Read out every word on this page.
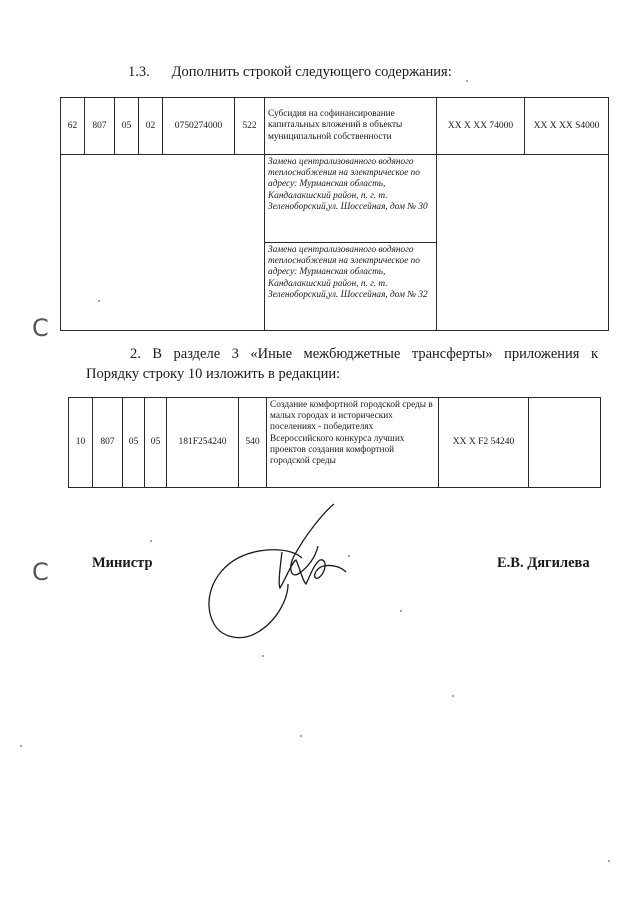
1.3. Дополнить строкой следующего содержания:
62	807	05	02	0750274000	522	Субсидия на софинансирование капитальных вложений в объекты муниципальной собственности	XX X XX 74000	XX X XX S4000
						Замена централизованного водяного теплоснабжения на электрическое по адресу: Мурманская область, Кандалакшский район, п. г. т. Зеленоборский,ул. Шоссейная, дом № 30		
						Замена централизованного водяного теплоснабжения на электрическое по адресу: Мурманская область, Кандалакшский район, п. г. т. Зеленоборский,ул. Шоссейная, дом № 32		
2. В разделе 3 «Иные межбюджетные трансферты» приложения к
Порядку строку 10 изложить в редакции:
10	807	05	05	181F254240	540	Создание комфортной городской среды в малых городах и исторических поселениях - победителях Всероссийского конкурса лучших проектов создания комфортной городской среды	XX X F2 54240	
Министр	Е.В. Дягилева
C
C
